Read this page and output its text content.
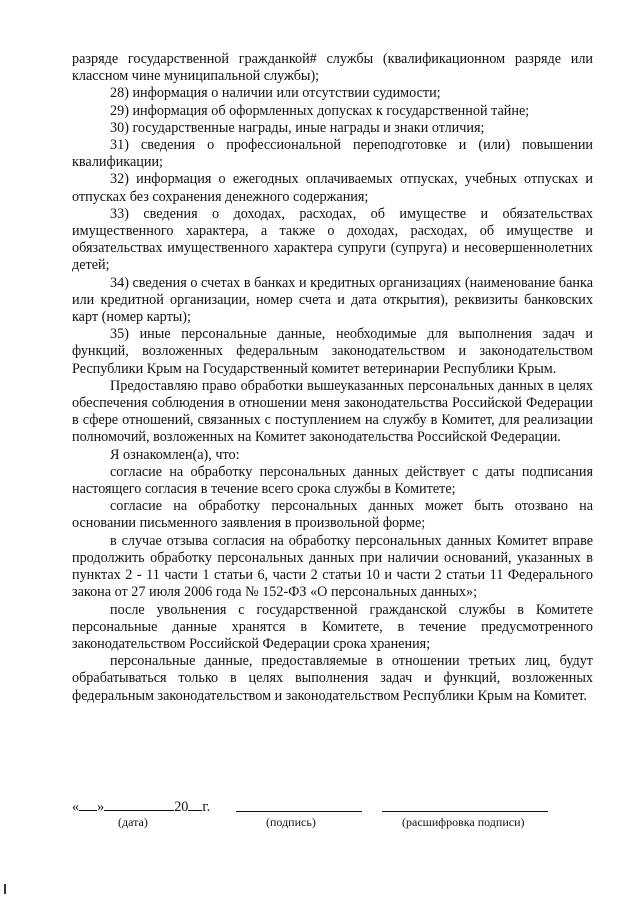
разряде государственной гражданкой# службы (квалификационном разряде или классном чине муниципальной службы);

28) информация о наличии или отсутствии судимости;

29) информация об оформленных допусках к государственной тайне;

30) государственные награды, иные награды и знаки отличия;

31) сведения о профессиональной переподготовке и (или) повышении квалификации;

32) информация о ежегодных оплачиваемых отпусках, учебных отпусках и отпусках без сохранения денежного содержания;

33) сведения о доходах, расходах, об имуществе и обязательствах имущественного характера, а также о доходах, расходах, об имуществе и обязательствах имущественного характера супруги (супруга) и несовершеннолетних детей;

34) сведения о счетах в банках и кредитных организациях (наименование банка или кредитной организации, номер счета и дата открытия), реквизиты банковских карт (номер карты);

35) иные персональные данные, необходимые для выполнения задач и функций, возложенных федеральным законодательством и законодательством Республики Крым на Государственный комитет ветеринарии Республики Крым.

Предоставляю право обработки вышеуказанных персональных данных в целях обеспечения соблюдения в отношении меня законодательства Российской Федерации в сфере отношений, связанных с поступлением на службу в Комитет, для реализации полномочий, возложенных на Комитет законодательства Российской Федерации.

Я ознакомлен(а), что:

согласие на обработку персональных данных действует с даты подписания настоящего согласия в течение всего срока службы в Комитете;

согласие на обработку персональных данных может быть отозвано на основании письменного заявления в произвольной форме;

в случае отзыва согласия на обработку персональных данных Комитет вправе продолжить обработку персональных данных при наличии оснований, указанных в пунктах 2 - 11 части 1 статьи 6, части 2 статьи 10 и части 2 статьи 11 Федерального закона от 27 июля 2006 года № 152-ФЗ «О персональных данных»;

после увольнения с государственной гражданской службы в Комитете персональные данные хранятся в Комитете, в течение предусмотренного законодательством Российской Федерации срока хранения;

персональные данные, предоставляемые в отношении третьих лиц, будут обрабатываться только в целях выполнения задач и функций, возложенных федеральным законодательством и законодательством Республики Крым на Комитет.

« »	20 г.
(дата)	(подпись)	(расшифровка подписи)
